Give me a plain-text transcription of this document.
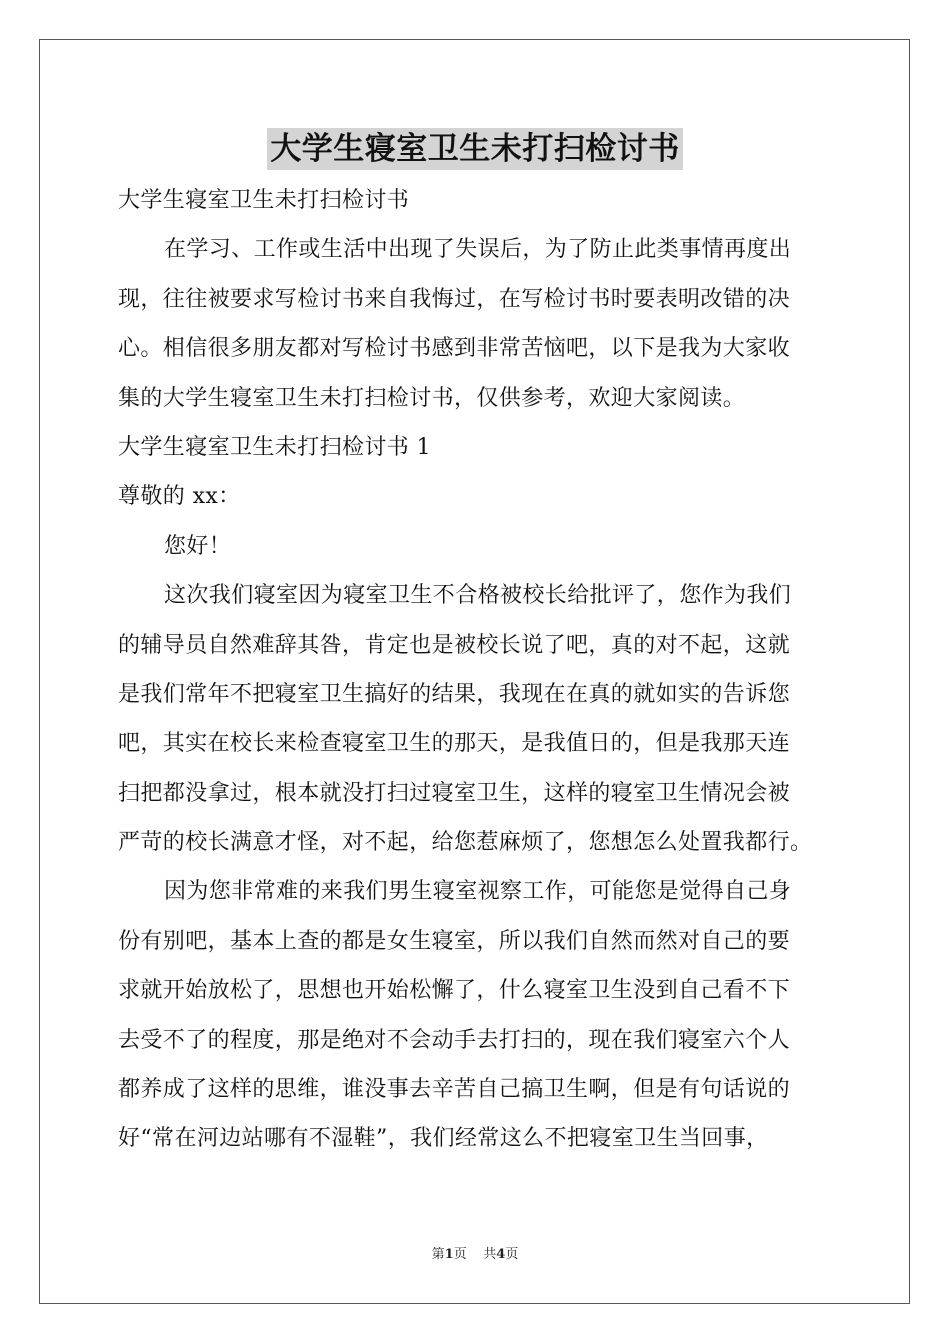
大学生寝室卫生未打扫检讨书
大学生寝室卫生未打扫检讨书
在学习、工作或生活中出现了失误后，为了防止此类事情再度出
现，往往被要求写检讨书来自我悔过，在写检讨书时要表明改错的决
心。相信很多朋友都对写检讨书感到非常苦恼吧，以下是我为大家收
集的大学生寝室卫生未打扫检讨书，仅供参考，欢迎大家阅读。
大学生寝室卫生未打扫检讨书 1
尊敬的 xx：
您好！
这次我们寝室因为寝室卫生不合格被校长给批评了，您作为我们
的辅导员自然难辞其咎，肯定也是被校长说了吧，真的对不起，这就
是我们常年不把寝室卫生搞好的结果，我现在在真的就如实的告诉您
吧，其实在校长来检查寝室卫生的那天，是我值日的，但是我那天连
扫把都没拿过，根本就没打扫过寝室卫生，这样的寝室卫生情况会被
严苛的校长满意才怪，对不起，给您惹麻烦了，您想怎么处置我都行。
因为您非常难的来我们男生寝室视察工作，可能您是觉得自己身
份有别吧，基本上查的都是女生寝室，所以我们自然而然对自己的要
求就开始放松了，思想也开始松懈了，什么寝室卫生没到自己看不下
去受不了的程度，那是绝对不会动手去打扫的，现在我们寝室六个人
都养成了这样的思维，谁没事去辛苦自己搞卫生啊，但是有句话说的
好“常在河边站哪有不湿鞋”，我们经常这么不把寝室卫生当回事，
第1页 共4页
